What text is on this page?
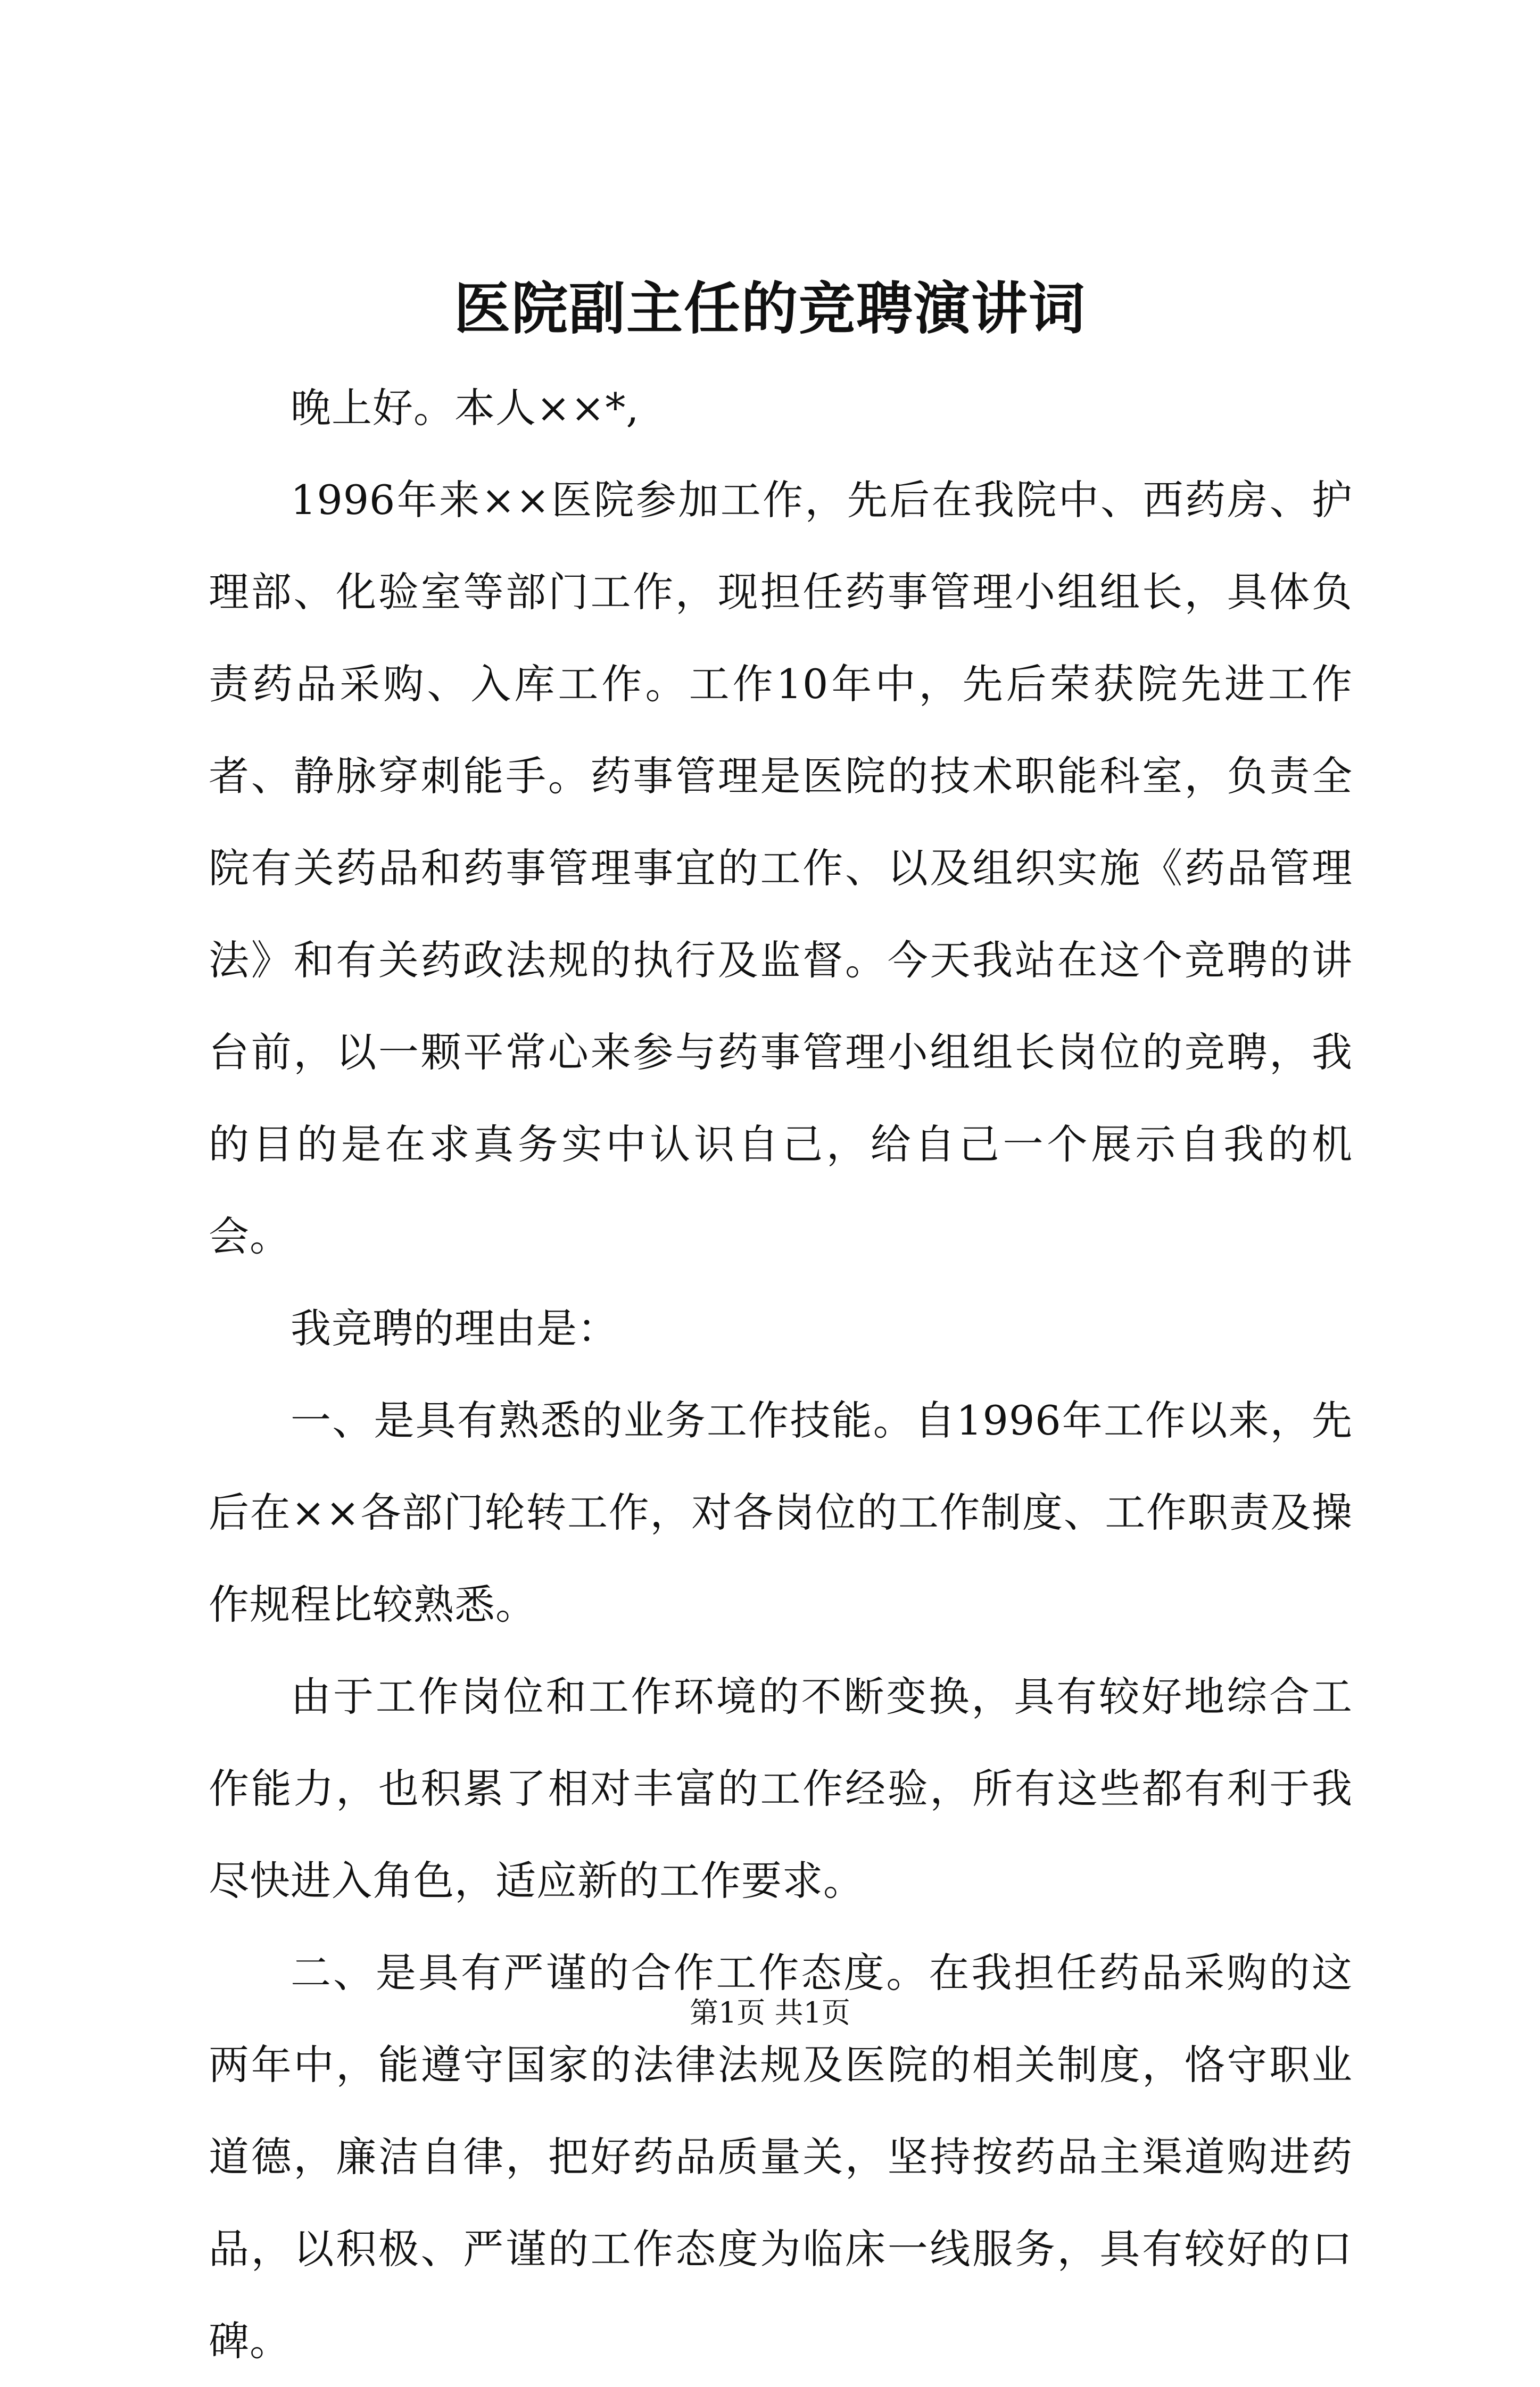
医院副主任的竞聘演讲词

晚上好。本人××*,

1996年来××医院参加工作，先后在我院中、西药房、护理部、化验室等部门工作，现担任药事管理小组组长，具体负责药品采购、入库工作。工作10年中，先后荣获院先进工作者、静脉穿刺能手。药事管理是医院的技术职能科室，负责全院有关药品和药事管理事宜的工作、以及组织实施《药品管理法》和有关药政法规的执行及监督。今天我站在这个竞聘的讲台前，以一颗平常心来参与药事管理小组组长岗位的竞聘，我的目的是在求真务实中认识自己，给自己一个展示自我的机会。

我竞聘的理由是：

一、是具有熟悉的业务工作技能。自1996年工作以来，先后在××各部门轮转工作，对各岗位的工作制度、工作职责及操作规程比较熟悉。

由于工作岗位和工作环境的不断变换，具有较好地综合工作能力，也积累了相对丰富的工作经验，所有这些都有利于我尽快进入角色，适应新的工作要求。

二、是具有严谨的合作工作态度。在我担任药品采购的这两年中，能遵守国家的法律法规及医院的相关制度，恪守职业道德，廉洁自律，把好药品质量关，坚持按药品主渠道购进药品，以积极、严谨的工作态度为临床一线服务，具有较好的口碑。

第1页 共1页
